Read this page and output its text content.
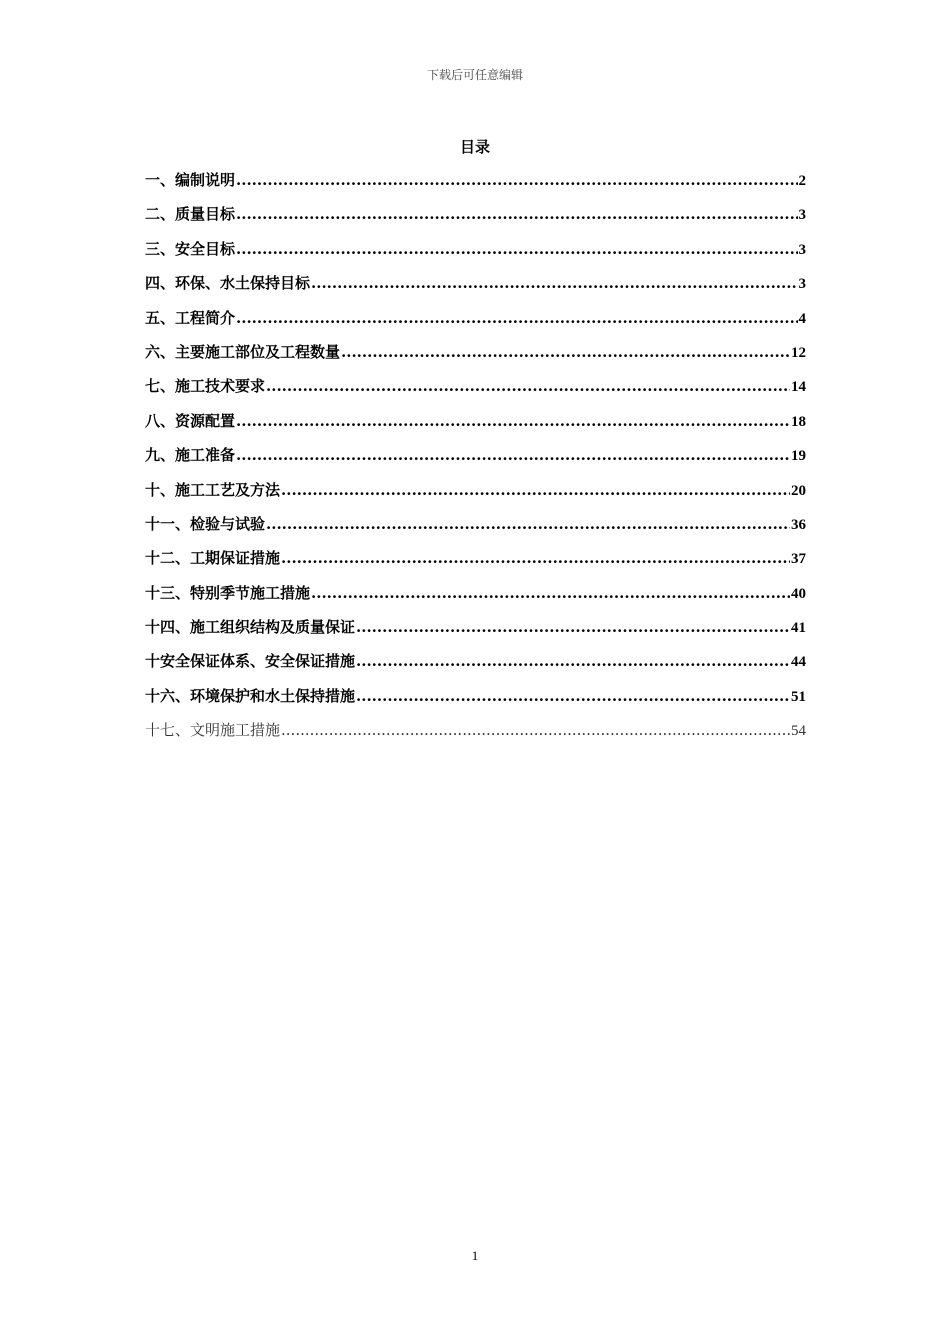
下载后可任意编辑
目录
一、编制说明 .....	2
二、质量目标 .....	3
三、安全目标 .....	3
四、环保、水土保持目标 .....	3
五、工程简介 .....	4
六、主要施工部位及工程数量 .....	12
七、施工技术要求 .....	14
八、资源配置 .....	18
九、施工准备 .....	19
十、施工工艺及方法 .....	20
十一、检验与试验 .....	36
十二、工期保证措施 .....	37
十三、特别季节施工措施 .....	40
十四、施工组织结构及质量保证 .....	41
十安全保证体系、安全保证措施 .....	44
十六、环境保护和水土保持措施 .....	51
十七、文明施工措施 .....	54
1
